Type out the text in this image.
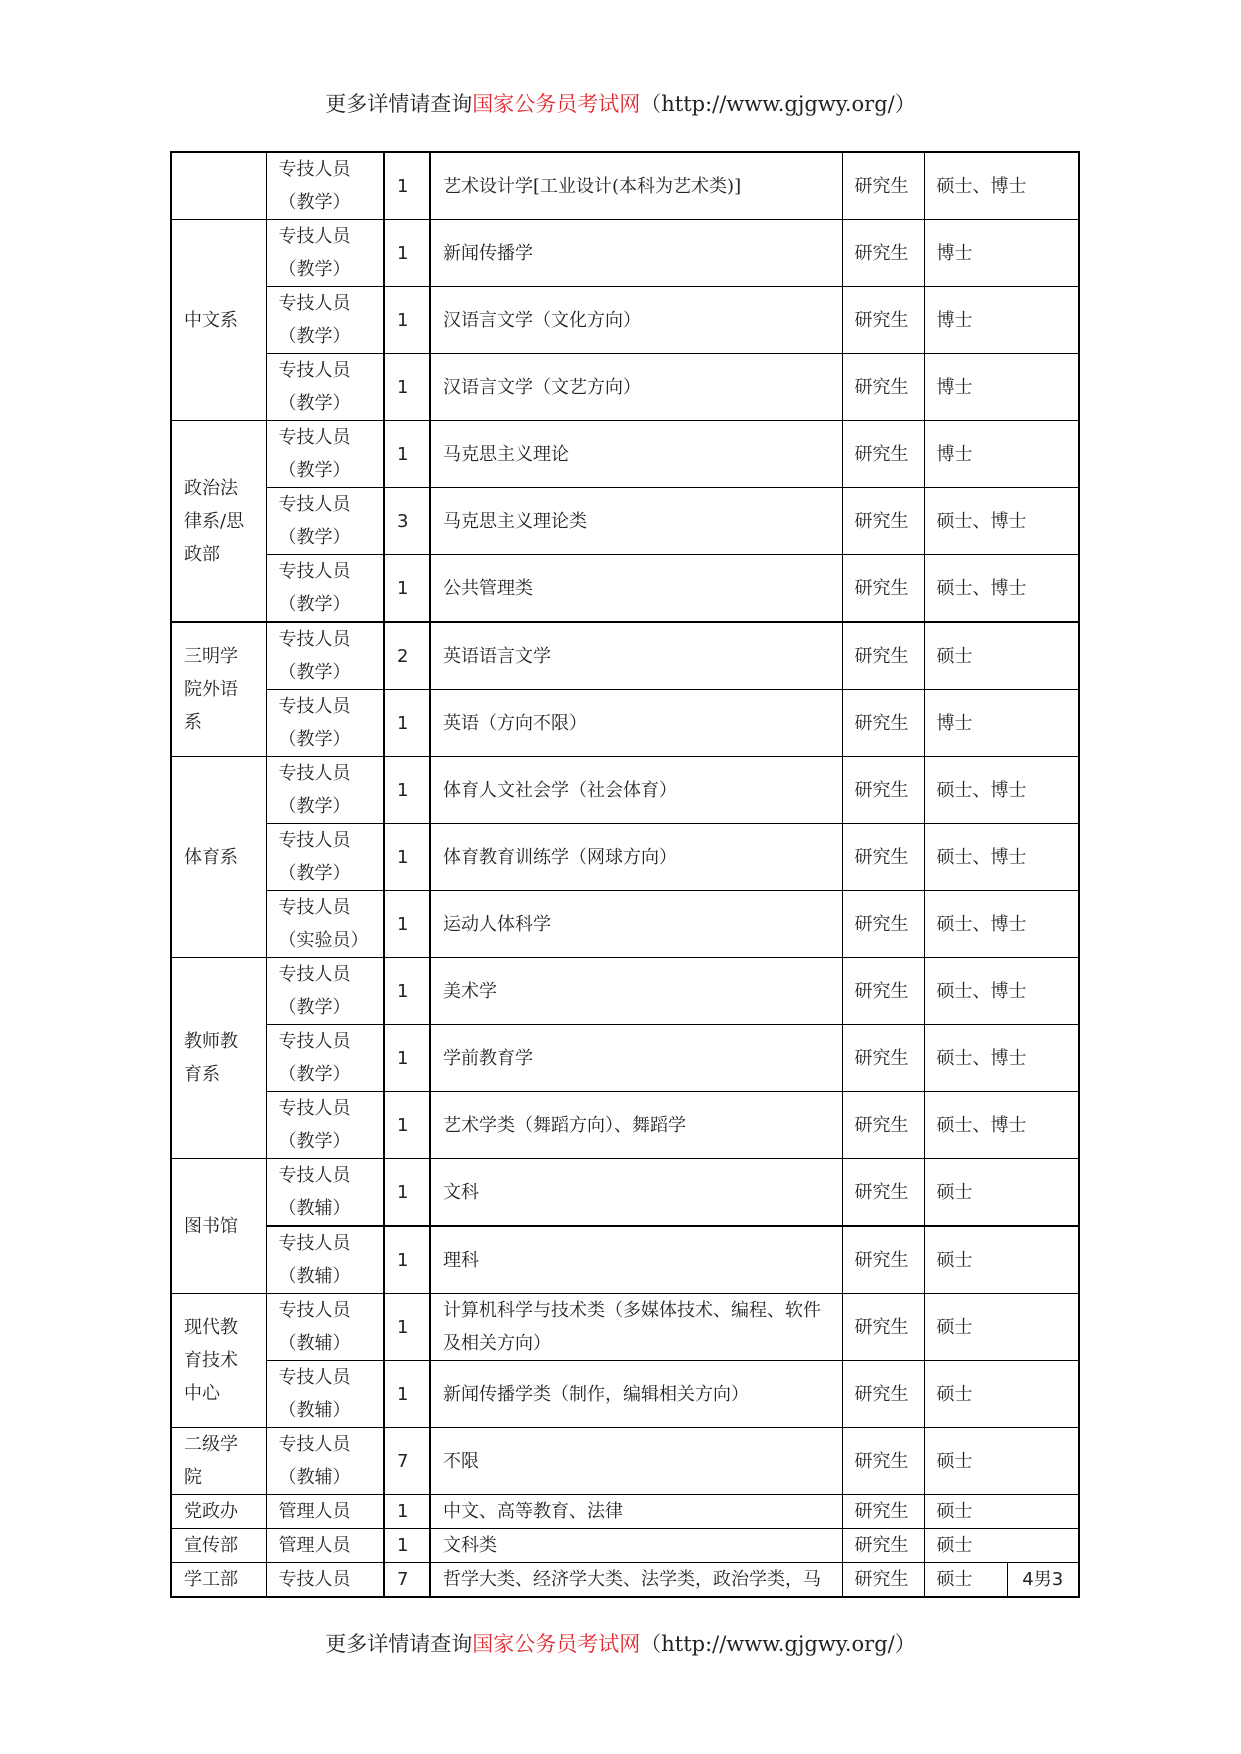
更多详情请查询国家公务员考试网（http://www.gjgwy.org/）
	专技人员（教学）	1	艺术设计学[工业设计(本科为艺术类)]	研究生	硕士、博士	
中文系	专技人员（教学）	1	新闻传播学	研究生	博士	
	专技人员（教学）	1	汉语言文学（文化方向）	研究生	博士	
	专技人员（教学）	1	汉语言文学（文艺方向）	研究生	博士	
政治法律系/思政部	专技人员（教学）	1	马克思主义理论	研究生	博士	
	专技人员（教学）	3	马克思主义理论类	研究生	硕士、博士	
	专技人员（教学）	1	公共管理类	研究生	硕士、博士	
三明学院外语系	专技人员（教学）	2	英语语言文学	研究生	硕士	
	专技人员（教学）	1	英语（方向不限）	研究生	博士	
体育系	专技人员（教学）	1	体育人文社会学（社会体育）	研究生	硕士、博士	
	专技人员（教学）	1	体育教育训练学（网球方向）	研究生	硕士、博士	
	专技人员（实验员）	1	运动人体科学	研究生	硕士、博士	
教师教育系	专技人员（教学）	1	美术学	研究生	硕士、博士	
	专技人员（教学）	1	学前教育学	研究生	硕士、博士	
	专技人员（教学）	1	艺术学类（舞蹈方向）、舞蹈学	研究生	硕士、博士	
图书馆	专技人员（教辅）	1	文科	研究生	硕士	
	专技人员（教辅）	1	理科	研究生	硕士	
现代教育技术中心	专技人员（教辅）	1	计算机科学与技术类（多媒体技术、编程、软件及相关方向）	研究生	硕士	
	专技人员（教辅）	1	新闻传播学类（制作，编辑相关方向）	研究生	硕士	
二级学院	专技人员（教辅）	7	不限	研究生	硕士	
党政办	管理人员	1	中文、高等教育、法律	研究生	硕士	
宣传部	管理人员	1	文科类	研究生	硕士	
学工部	专技人员	7	哲学大类、经济学大类、法学类，政治学类，马	研究生	硕士	4男3
更多详情请查询国家公务员考试网（http://www.gjgwy.org/）
